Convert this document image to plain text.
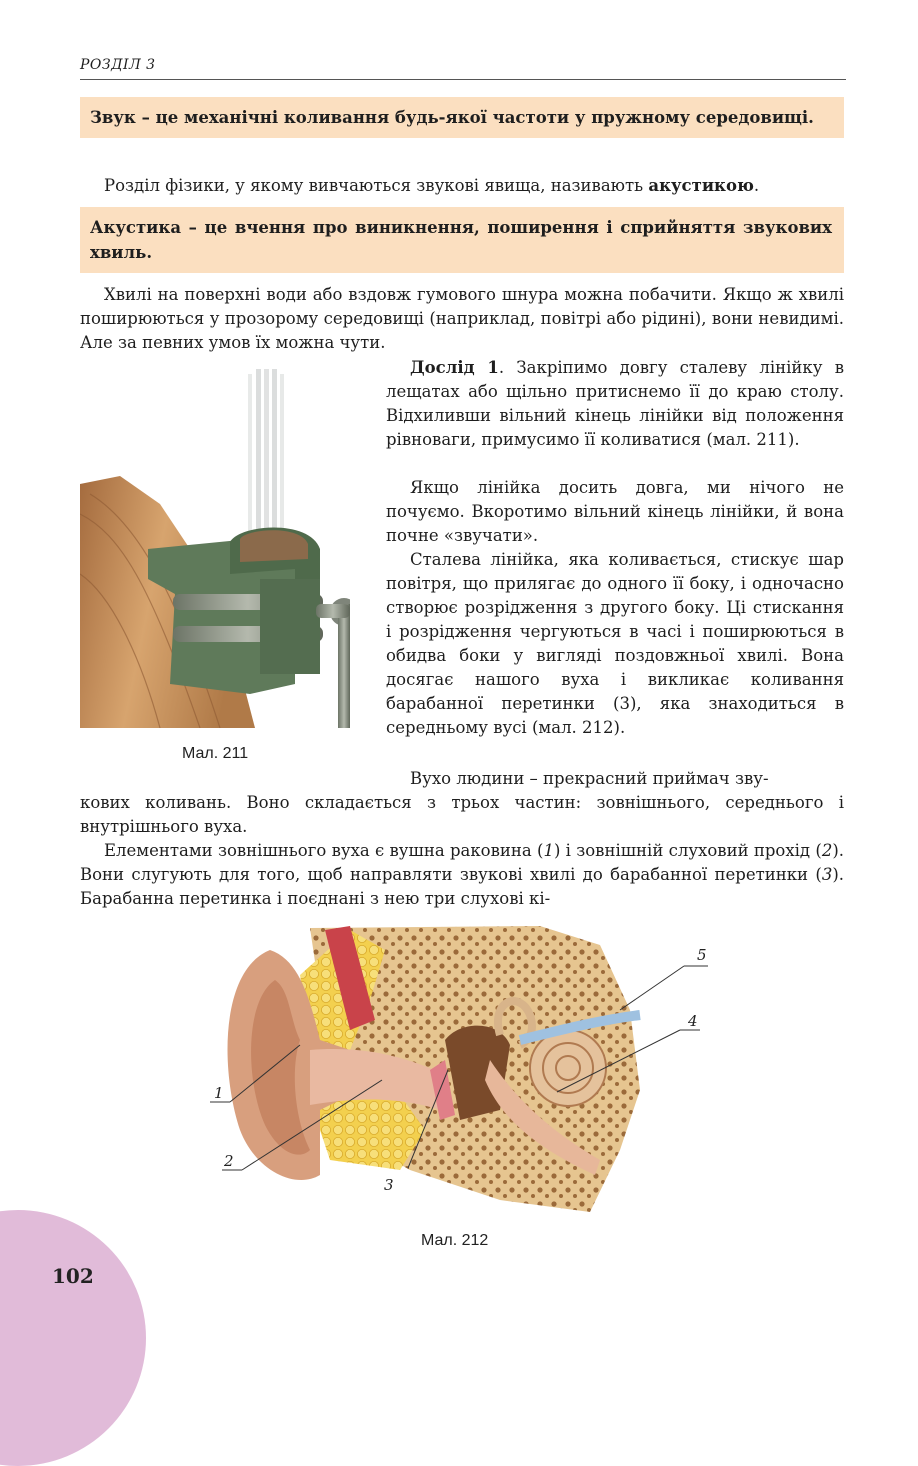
РОЗДІЛ 3
Звук – це механічні коливання будь-якої частоти у пружному середовищі.

Розділ фізики, у якому вивчаються звукові явища, називають акустикою.

Акустика – це вчення про виникнення, поширення і сприйняття звукових хвиль.

Хвилі на поверхні води або вздовж гумового шнура можна побачити. Якщо ж хвилі поширюються у прозорому середовищі (наприклад, повітрі або рідині), вони невидимі. Але за певних умов їх можна чути.

Мал. 211

Дослід 1. Закріпимо довгу сталеву лінійку в лещатах або щільно притиснемо її до краю столу. Відхиливши вільний кінець лінійки від положення рівноваги, примусимо її коливатися (мал. 211).

Якщо лінійка досить довга, ми нічого не почуємо. Вкоротимо вільний кінець лінійки, й вона почне «звучати».

Сталева лінійка, яка коливається, стискує шар повітря, що прилягає до одного її боку, і одночасно створює розрідження з другого боку. Ці стискання і розрідження чергуються в часі і поширюються в обидва боки у вигляді поздовжньої хвилі. Вона досягає нашого вуха і викликає коливання барабанної перетинки (3), яка знаходиться в середньому вусі (мал. 212).

Вухо людини – прекрасний приймач зву-

кових коливань. Воно складається з трьох частин: зовнішнього, середнього і внутрішнього вуха.

Елементами зовнішнього вуха є вушна раковина (1) і зовнішній слуховий прохід (2). Вони слугують для того, щоб направляти звукові хвилі до барабанної перетинки (3). Барабанна перетинка і поєднані з нею три слухові кі-

1
2
3
4
5
Мал. 212
102
